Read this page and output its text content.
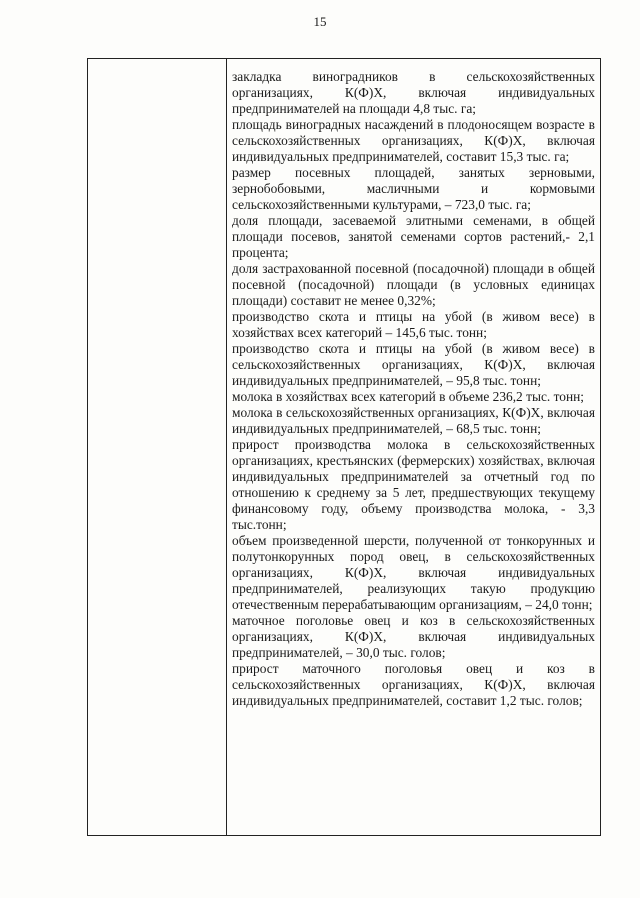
15

закладка виноградников в сельскохозяйственных организациях, К(Ф)Х, включая индивидуальных предпринимателей на площади 4,8 тыс. га;

площадь виноградных насаждений в плодоносящем возрасте в сельскохозяйственных организациях, К(Ф)Х, включая индивидуальных предпринимателей, составит 15,3 тыс. га;

размер посевных площадей, занятых зерновыми, зернобобовыми, масличными и кормовыми сельскохозяйственными культурами, – 723,0 тыс. га;

доля площади, засеваемой элитными семенами, в общей площади посевов, занятой семенами сортов растений,- 2,1 процента;

доля застрахованной посевной (посадочной) площади в общей посевной (посадочной) площади (в условных единицах площади) составит не менее 0,32%;

производство скота и птицы на убой (в живом весе) в хозяйствах всех категорий – 145,6 тыс. тонн;

производство скота и птицы на убой (в живом весе) в сельскохозяйственных организациях, К(Ф)Х, включая индивидуальных предпринимателей, – 95,8 тыс. тонн;

молока в хозяйствах всех категорий в объеме 236,2 тыс. тонн;

молока в сельскохозяйственных организациях, К(Ф)Х, включая индивидуальных предпринимателей, – 68,5 тыс. тонн;

прирост производства молока в сельскохозяйственных организациях, крестьянских (фермерских) хозяйствах, включая индивидуальных предпринимателей за отчетный год по отношению к среднему за 5 лет, предшествующих текущему финансовому году, объему производства молока, - 3,3 тыс.тонн;

объем произведенной шерсти, полученной от тонкорунных и полутонкорунных пород овец, в сельскохозяйственных организациях, К(Ф)Х, включая индивидуальных предпринимателей, реализующих такую продукцию отечественным перерабатывающим организациям, – 24,0 тонн;

маточное поголовье овец и коз в сельскохозяйственных организациях, К(Ф)Х, включая индивидуальных предпринимателей, – 30,0 тыс. голов;

прирост маточного поголовья овец и коз в сельскохозяйственных организациях, К(Ф)Х, включая индивидуальных предпринимателей, составит 1,2 тыс. голов;
